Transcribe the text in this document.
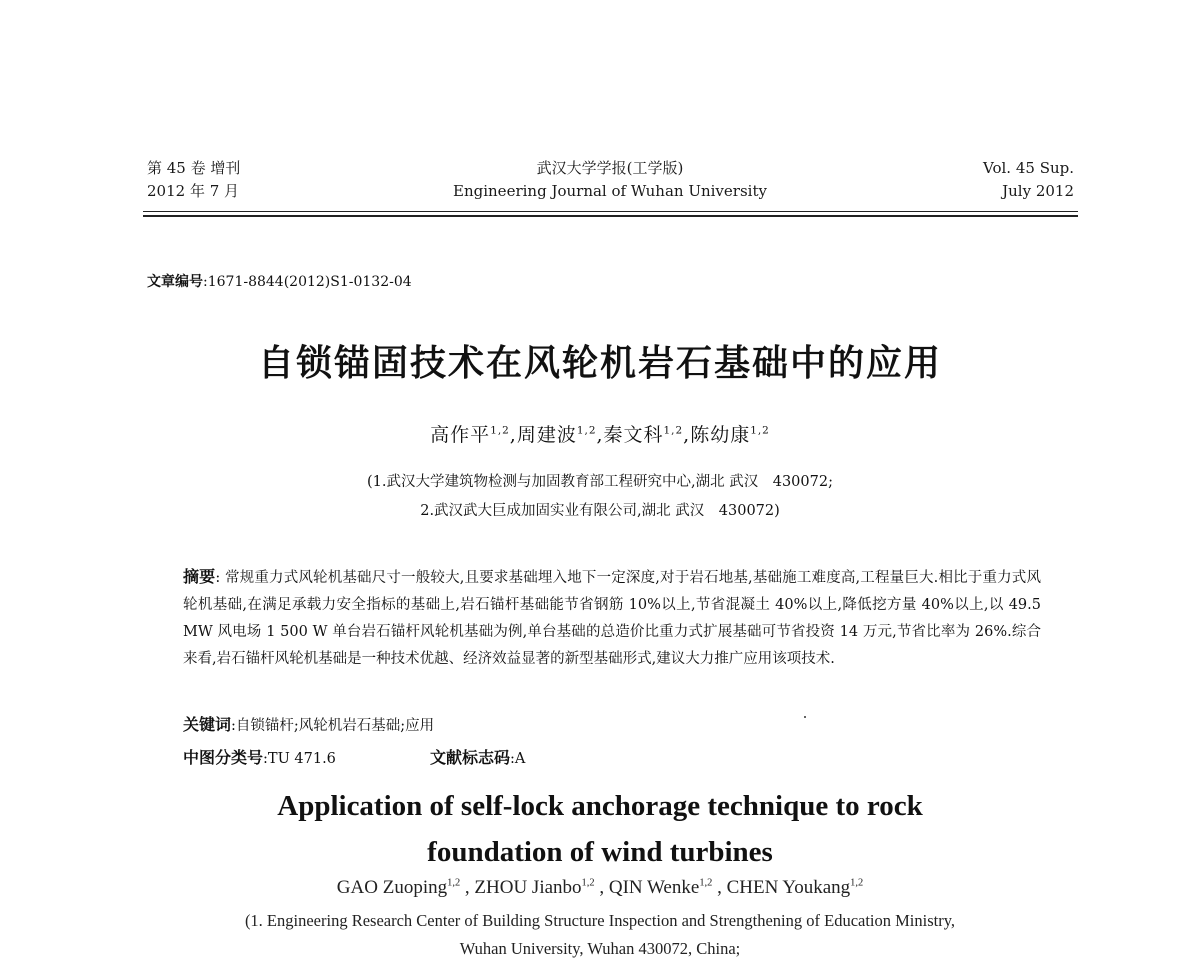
第 45 卷 增刊
2012 年 7 月
武汉大学学报(工学版)
Engineering Journal of Wuhan University
Vol. 45 Sup.
July 2012
文章编号:1671-8844(2012)S1-0132-04
自锁锚固技术在风轮机岩石基础中的应用
高作平$^{1,2}$,周建波$^{1,2}$,秦文科$^{1,2}$,陈幼康$^{1,2}$
(1.武汉大学建筑物检测与加固教育部工程研究中心,湖北 武汉　430072;
2.武汉武大巨成加固实业有限公司,湖北 武汉　430072)
摘要: 常规重力式风轮机基础尺寸一般较大,且要求基础埋入地下一定深度,对于岩石地基,基础施工难度高,工程量巨大.相比于重力式风轮机基础,在满足承载力安全指标的基础上,岩石锚杆基础能节省钢筋 10%以上,节省混凝土 40%以上,降低挖方量 40%以上,以 49.5 MW 风电场 1 500 W 单台岩石锚杆风轮机基础为例,单台基础的总造价比重力式扩展基础可节省投资 14 万元,节省比率为 26%.综合来看,岩石锚杆风轮机基础是一种技术优越、经济效益显著的新型基础形式,建议大力推广应用该项技术.
关键词:自锁锚杆;风轮机岩石基础;应用
中图分类号:TU 471.6	文献标志码:A
Application of self-lock anchorage technique to rock
foundation of wind turbines
GAO Zuoping$^{1,2}$ , ZHOU Jianbo$^{1,2}$ , QIN Wenke$^{1,2}$ , CHEN Youkang$^{1,2}$
(1. Engineering Research Center of Building Structure Inspection and Strengthening of Education Ministry,
Wuhan University, Wuhan 430072, China;
